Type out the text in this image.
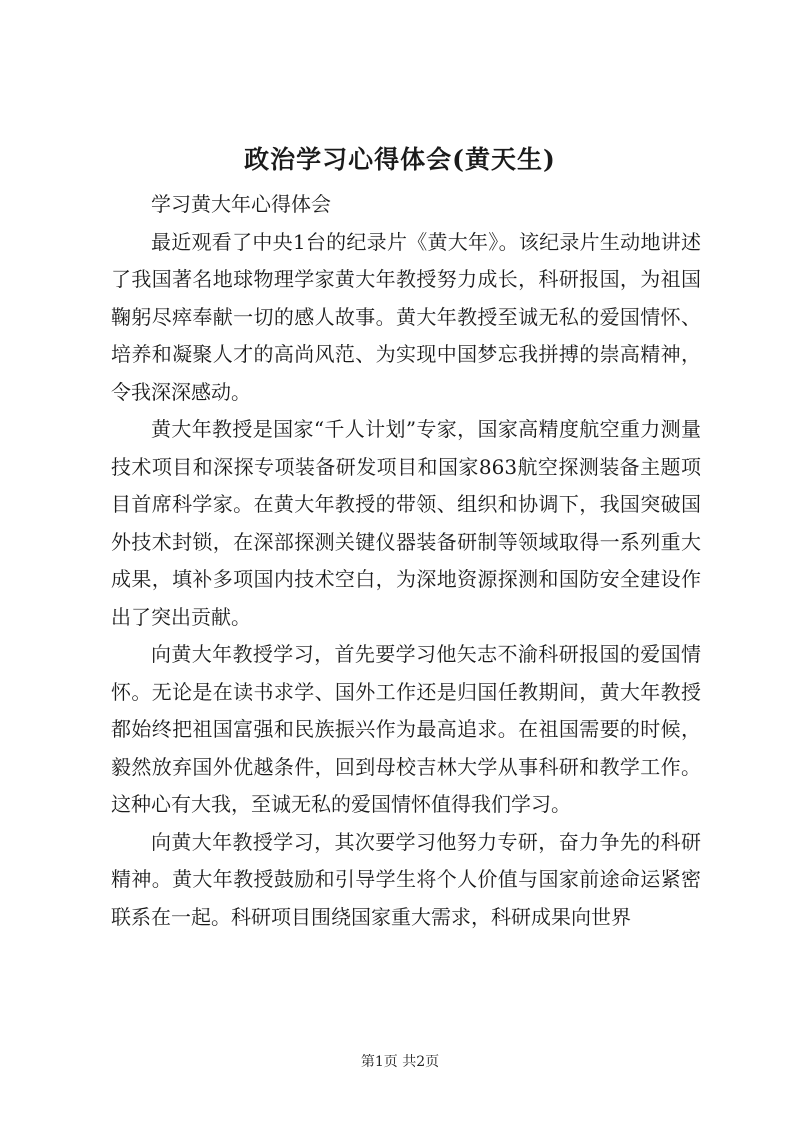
政治学习心得体会(黄天生)

学习黄大年心得体会

最近观看了中央1台的纪录片《黄大年》。该纪录片生动地讲述了我国著名地球物理学家黄大年教授努力成长，科研报国，为祖国鞠躬尽瘁奉献一切的感人故事。黄大年教授至诚无私的爱国情怀、培养和凝聚人才的高尚风范、为实现中国梦忘我拼搏的崇高精神，令我深深感动。

黄大年教授是国家“千人计划”专家，国家高精度航空重力测量技术项目和深探专项装备研发项目和国家863航空探测装备主题项目首席科学家。在黄大年教授的带领、组织和协调下，我国突破国外技术封锁，在深部探测关键仪器装备研制等领域取得一系列重大成果，填补多项国内技术空白，为深地资源探测和国防安全建设作出了突出贡献。

向黄大年教授学习，首先要学习他矢志不渝科研报国的爱国情怀。无论是在读书求学、国外工作还是归国任教期间，黄大年教授都始终把祖国富强和民族振兴作为最高追求。在祖国需要的时候，毅然放弃国外优越条件，回到母校吉林大学从事科研和教学工作。这种心有大我，至诚无私的爱国情怀值得我们学习。

向黄大年教授学习，其次要学习他努力专研，奋力争先的科研精神。黄大年教授鼓励和引导学生将个人价值与国家前途命运紧密联系在一起。科研项目围绕国家重大需求，科研成果向世界

第1页 共2页
